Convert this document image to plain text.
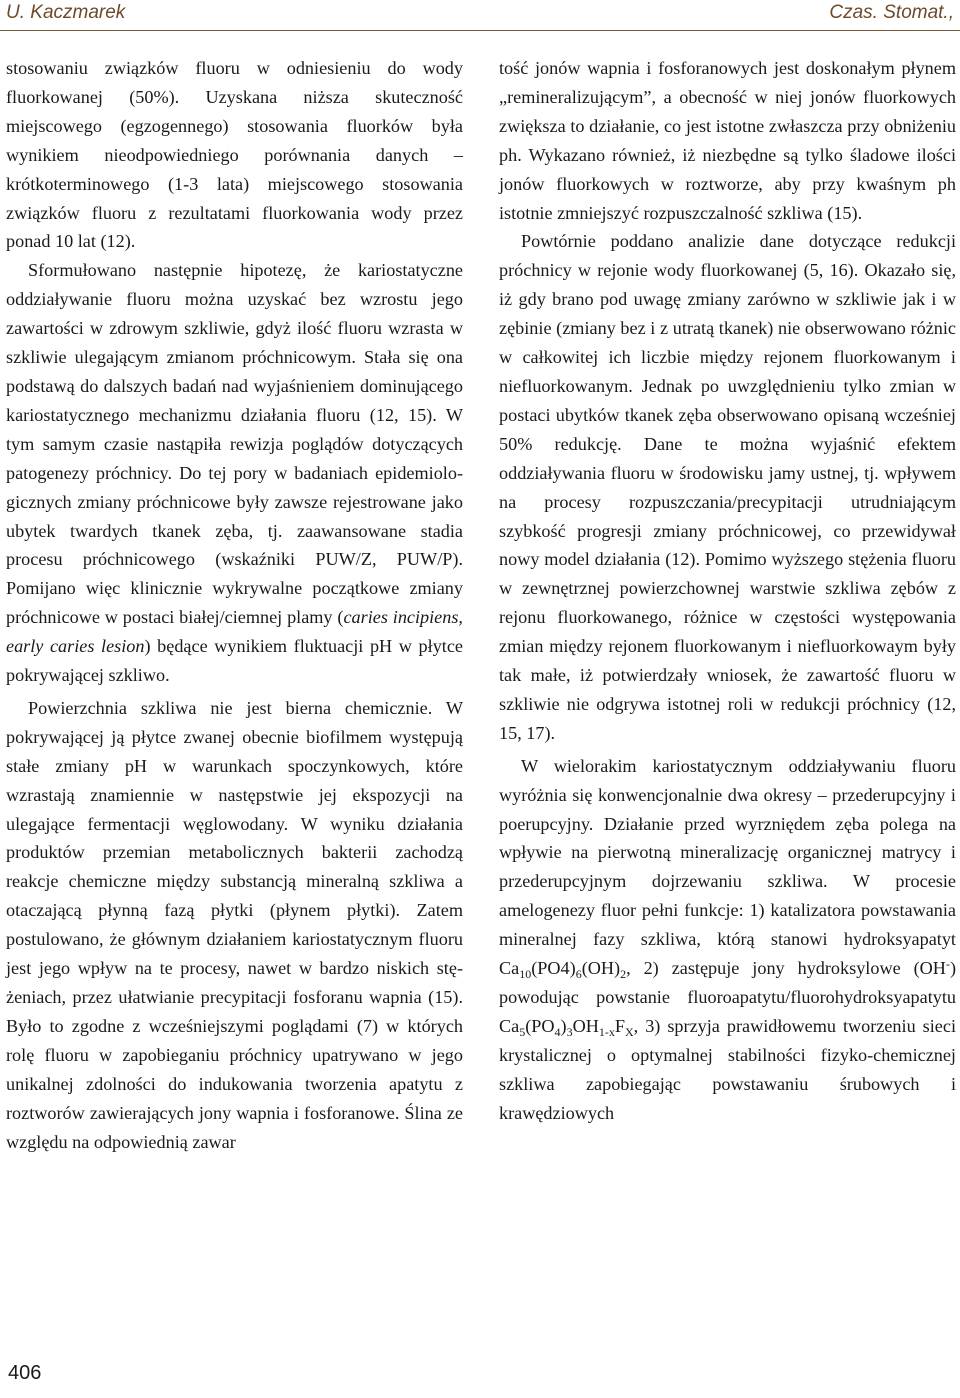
U. Kaczmarek	Czas. Stomat.,

stosowaniu związków fluoru w odniesieniu do wody fluorkowanej (50%). Uzyskana niższa skuteczność miejscowego (egzogennego) stosowania fluorków była wynikiem nieodpowiedniego porównania danych – krótkoterminowego (1-3 lata) miejscowego stosowania związków fluoru z rezultatami fluorkowania wody przez ponad 10 lat (12).

Sformułowano następnie hipotezę, że kariostatyczne oddziaływanie fluoru można uzyskać bez wzrostu jego zawartości w zdrowym szkliwie, gdyż ilość fluoru wzrasta w szkliwie ulegającym zmianom próchnicowym. Stała się ona podstawą do dalszych badań nad wyjaśnieniem dominującego kariostatycznego mechanizmu działania fluoru (12, 15). W tym samym czasie nastąpiła rewizja poglądów dotyczących patogenezy próchnicy. Do tej pory w badaniach epidemiologicznych zmiany próchnicowe były zawsze rejestrowane jako ubytek twardych tkanek zęba, tj. zaawansowane stadia procesu próchnicowego (wskaźniki PUW/Z, PUW/P). Pomijano więc klinicznie wykrywalne początkowe zmiany próchnicowe w postaci białej/ciemnej plamy (caries incipiens, early caries lesion) będące wynikiem fluktuacji pH w płytce pokrywającej szkliwo.

Powierzchnia szkliwa nie jest bierna chemicznie. W pokrywającej ją płytce zwanej obecnie biofilmem występują stałe zmiany pH w warunkach spoczynkowych, które wzrastają znamiennie w następstwie jej ekspozycji na ulegające fermentacji węglowodany. W wyniku działania produktów przemian metabolicznych bakterii zachodzą reakcje chemiczne między substancją mineralną szkliwa a otaczającą płynną fazą płytki (płynem płytki). Zatem postulowano, że głównym działaniem kariostatycznym fluoru jest jego wpływ na te procesy, nawet w bardzo niskich stężeniach, przez ułatwianie precypitacji fosforanu wapnia (15). Było to zgodne z wcześniejszymi poglądami (7) w których rolę fluoru w zapobieganiu próchnicy upatrywano w jego unikalnej zdolności do indukowania tworzenia apatytu z roztworów zawierających jony wapnia i fosforanowe. Ślina ze względu na odpowiednią zawar

tość jonów wapnia i fosforanowych jest doskonałym płynem „remineralizującym”, a obecność w niej jonów fluorkowych zwiększa to działanie, co jest istotne zwłaszcza przy obniżeniu ph. Wykazano również, iż niezbędne są tylko śladowe ilości jonów fluorkowych w roztworze, aby przy kwaśnym ph istotnie zmniejszyć rozpuszczalność szkliwa (15).

Powtórnie poddano analizie dane dotyczące redukcji próchnicy w rejonie wody fluorkowanej (5, 16). Okazało się, iż gdy brano pod uwagę zmiany zarówno w szkliwie jak i w zębinie (zmiany bez i z utratą tkanek) nie obserwowano różnic w całkowitej ich liczbie między rejonem fluorkowanym i niefluorkowanym. Jednak po uwzględnieniu tylko zmian w postaci ubytków tkanek zęba obserwowano opisaną wcześniej 50% redukcję. Dane te można wyjaśnić efektem oddziaływania fluoru w środowisku jamy ustnej, tj. wpływem na procesy rozpuszczania/precypitacji utrudniającym szybkość progresji zmiany próchnicowej, co przewidywał nowy model działania (12). Pomimo wyższego stężenia fluoru w zewnętrznej powierzchownej warstwie szkliwa zębów z rejonu fluorkowanego, różnice w częstości występowania zmian między rejonem fluorkowanym i niefluorkowaym były tak małe, iż potwierdzały wniosek, że zawartość fluoru w szkliwie nie odgrywa istotnej roli w redukcji próchnicy (12, 15, 17).

W wielorakim kariostatycznym oddziaływaniu fluoru wyróżnia się konwencjonalnie dwa okresy – przederupcyjny i poerupcyjny. Działanie przed wyrzniędem zęba polega na wpływie na pierwotną mineralizację organicznej matrycy i przederupcyjnym dojrzewaniu szkliwa. W procesie amelogenezy fluor pełni funkcje: 1) katalizatora powstawania mineralnej fazy szkliwa, którą stanowi hydroksyapatyt $Ca_{10}(PO4)_6(OH)_2$, 2) zastępuje jony hydroksylowe (OH-) powodując powstanie fluoroapatytu/fluorohydroksyapatytu $Ca_5(PO_4)_3OH_{1-x}F_X$, 3) sprzyja prawidłowemu tworzeniu sieci krystalicznej o optymalnej stabilności fizyko-chemicznej szkliwa zapobiegając powstawaniu śrubowych i krawędziowych

406
